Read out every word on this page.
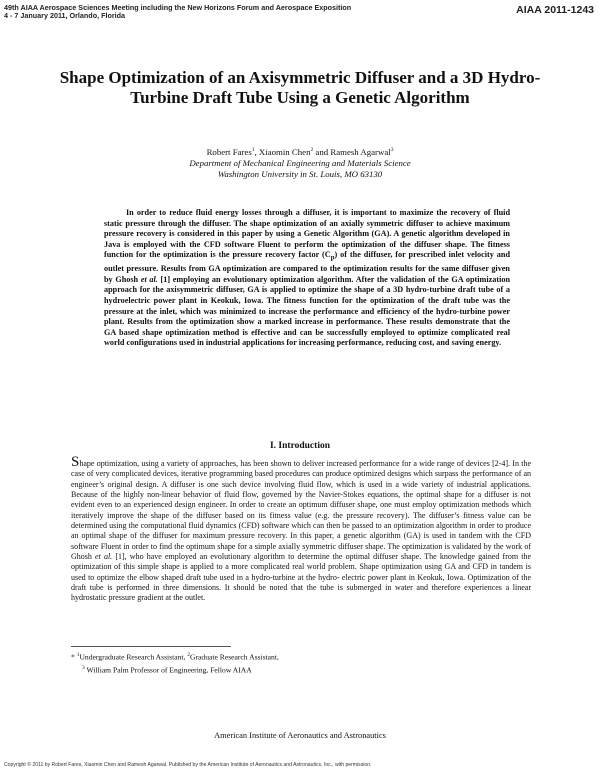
49th AIAA Aerospace Sciences Meeting including the New Horizons Forum and Aerospace Exposition
4 - 7 January 2011, Orlando, Florida	AIAA 2011-1243
Shape Optimization of an Axisymmetric Diffuser and a 3D Hydro-Turbine Draft Tube Using a Genetic Algorithm
Robert Fares$^1$, Xiaomin Chen$^2$ and Ramesh Agarwal$^3$
Department of Mechanical Engineering and Materials Science
Washington University in St. Louis, MO 63130

In order to reduce fluid energy losses through a diffuser, it is important to maximize the recovery of fluid static pressure through the diffuser. The shape optimization of an axially symmetric diffuser to achieve maximum pressure recovery is considered in this paper by using a Genetic Algorithm (GA). A genetic algorithm developed in Java is employed with the CFD software Fluent to perform the optimization of the diffuser shape. The fitness function for the optimization is the pressure recovery factor $(C_p)$ of the diffuser, for prescribed inlet velocity and outlet pressure. Results from GA optimization are compared to the optimization results for the same diffuser given by Ghosh et al. [1] employing an evolutionary optimization algorithm. After the validation of the GA optimization approach for the axisymmetric diffuser, GA is applied to optimize the shape of a 3D hydro-turbine draft tube of a hydroelectric power plant in Keokuk, Iowa. The fitness function for the optimization of the draft tube was the pressure at the inlet, which was minimized to increase the performance and efficiency of the hydro-turbine power plant. Results from the optimization show a marked increase in performance. These results demonstrate that the GA based shape optimization method is effective and can be successfully employed to optimize complicated real world configurations used in industrial applications for increasing performance, reducing cost, and saving energy.

I. Introduction

Shape optimization, using a variety of approaches, has been shown to deliver increased performance for a wide range of devices [2-4]. In the case of very complicated devices, iterative programming based procedures can produce optimized designs which surpass the performance of an engineer’s original design. A diffuser is one such device involving fluid flow, which is used in a wide variety of industrial applications. Because of the highly non-linear behavior of fluid flow, governed by the Navier-Stokes equations, the optimal shape for a diffuser is not evident even to an experienced design engineer. In order to create an optimum diffuser shape, one must employ optimization methods which iteratively improve the shape of the diffuser based on its fitness value (e.g. the pressure recovery). The diffuser’s fitness value can be determined using the computational fluid dynamics (CFD) software which can then be passed to an optimization algorithm in order to produce an optimal shape of the diffuser for maximum pressure recovery. In this paper, a genetic algorithm (GA) is used in tandem with the CFD software Fluent in order to find the optimum shape for a simple axially symmetric diffuser shape. The optimization is validated by the work of Ghosh et al. [1], who have employed an evolutionary algorithm to determine the optimal diffuser shape. The knowledge gained from the optimization of this simple shape is applied to a more complicated real world problem. Shape optimization using GA and CFD in tandem is used to optimize the elbow shaped draft tube used in a hydro-turbine at the hydro- electric power plant in Keokuk, Iowa. Optimization of the draft tube is performed in three dimensions. It should be noted that the tube is submerged in water and therefore experiences a linear hydrostatic pressure gradient at the outlet.

* $^1$Undergraduate Research Assistant, $^2$Graduate Research Assistant,
$^3$ William Palm Professor of Engineering, Fellow AIAA
American Institute of Aeronautics and Astronautics
Copyright © 2011 by Robert Fares, Xiaomin Chen and Ramesh Agarwal. Published by the American Institute of Aeronautics and Astronautics, Inc., with permission.
